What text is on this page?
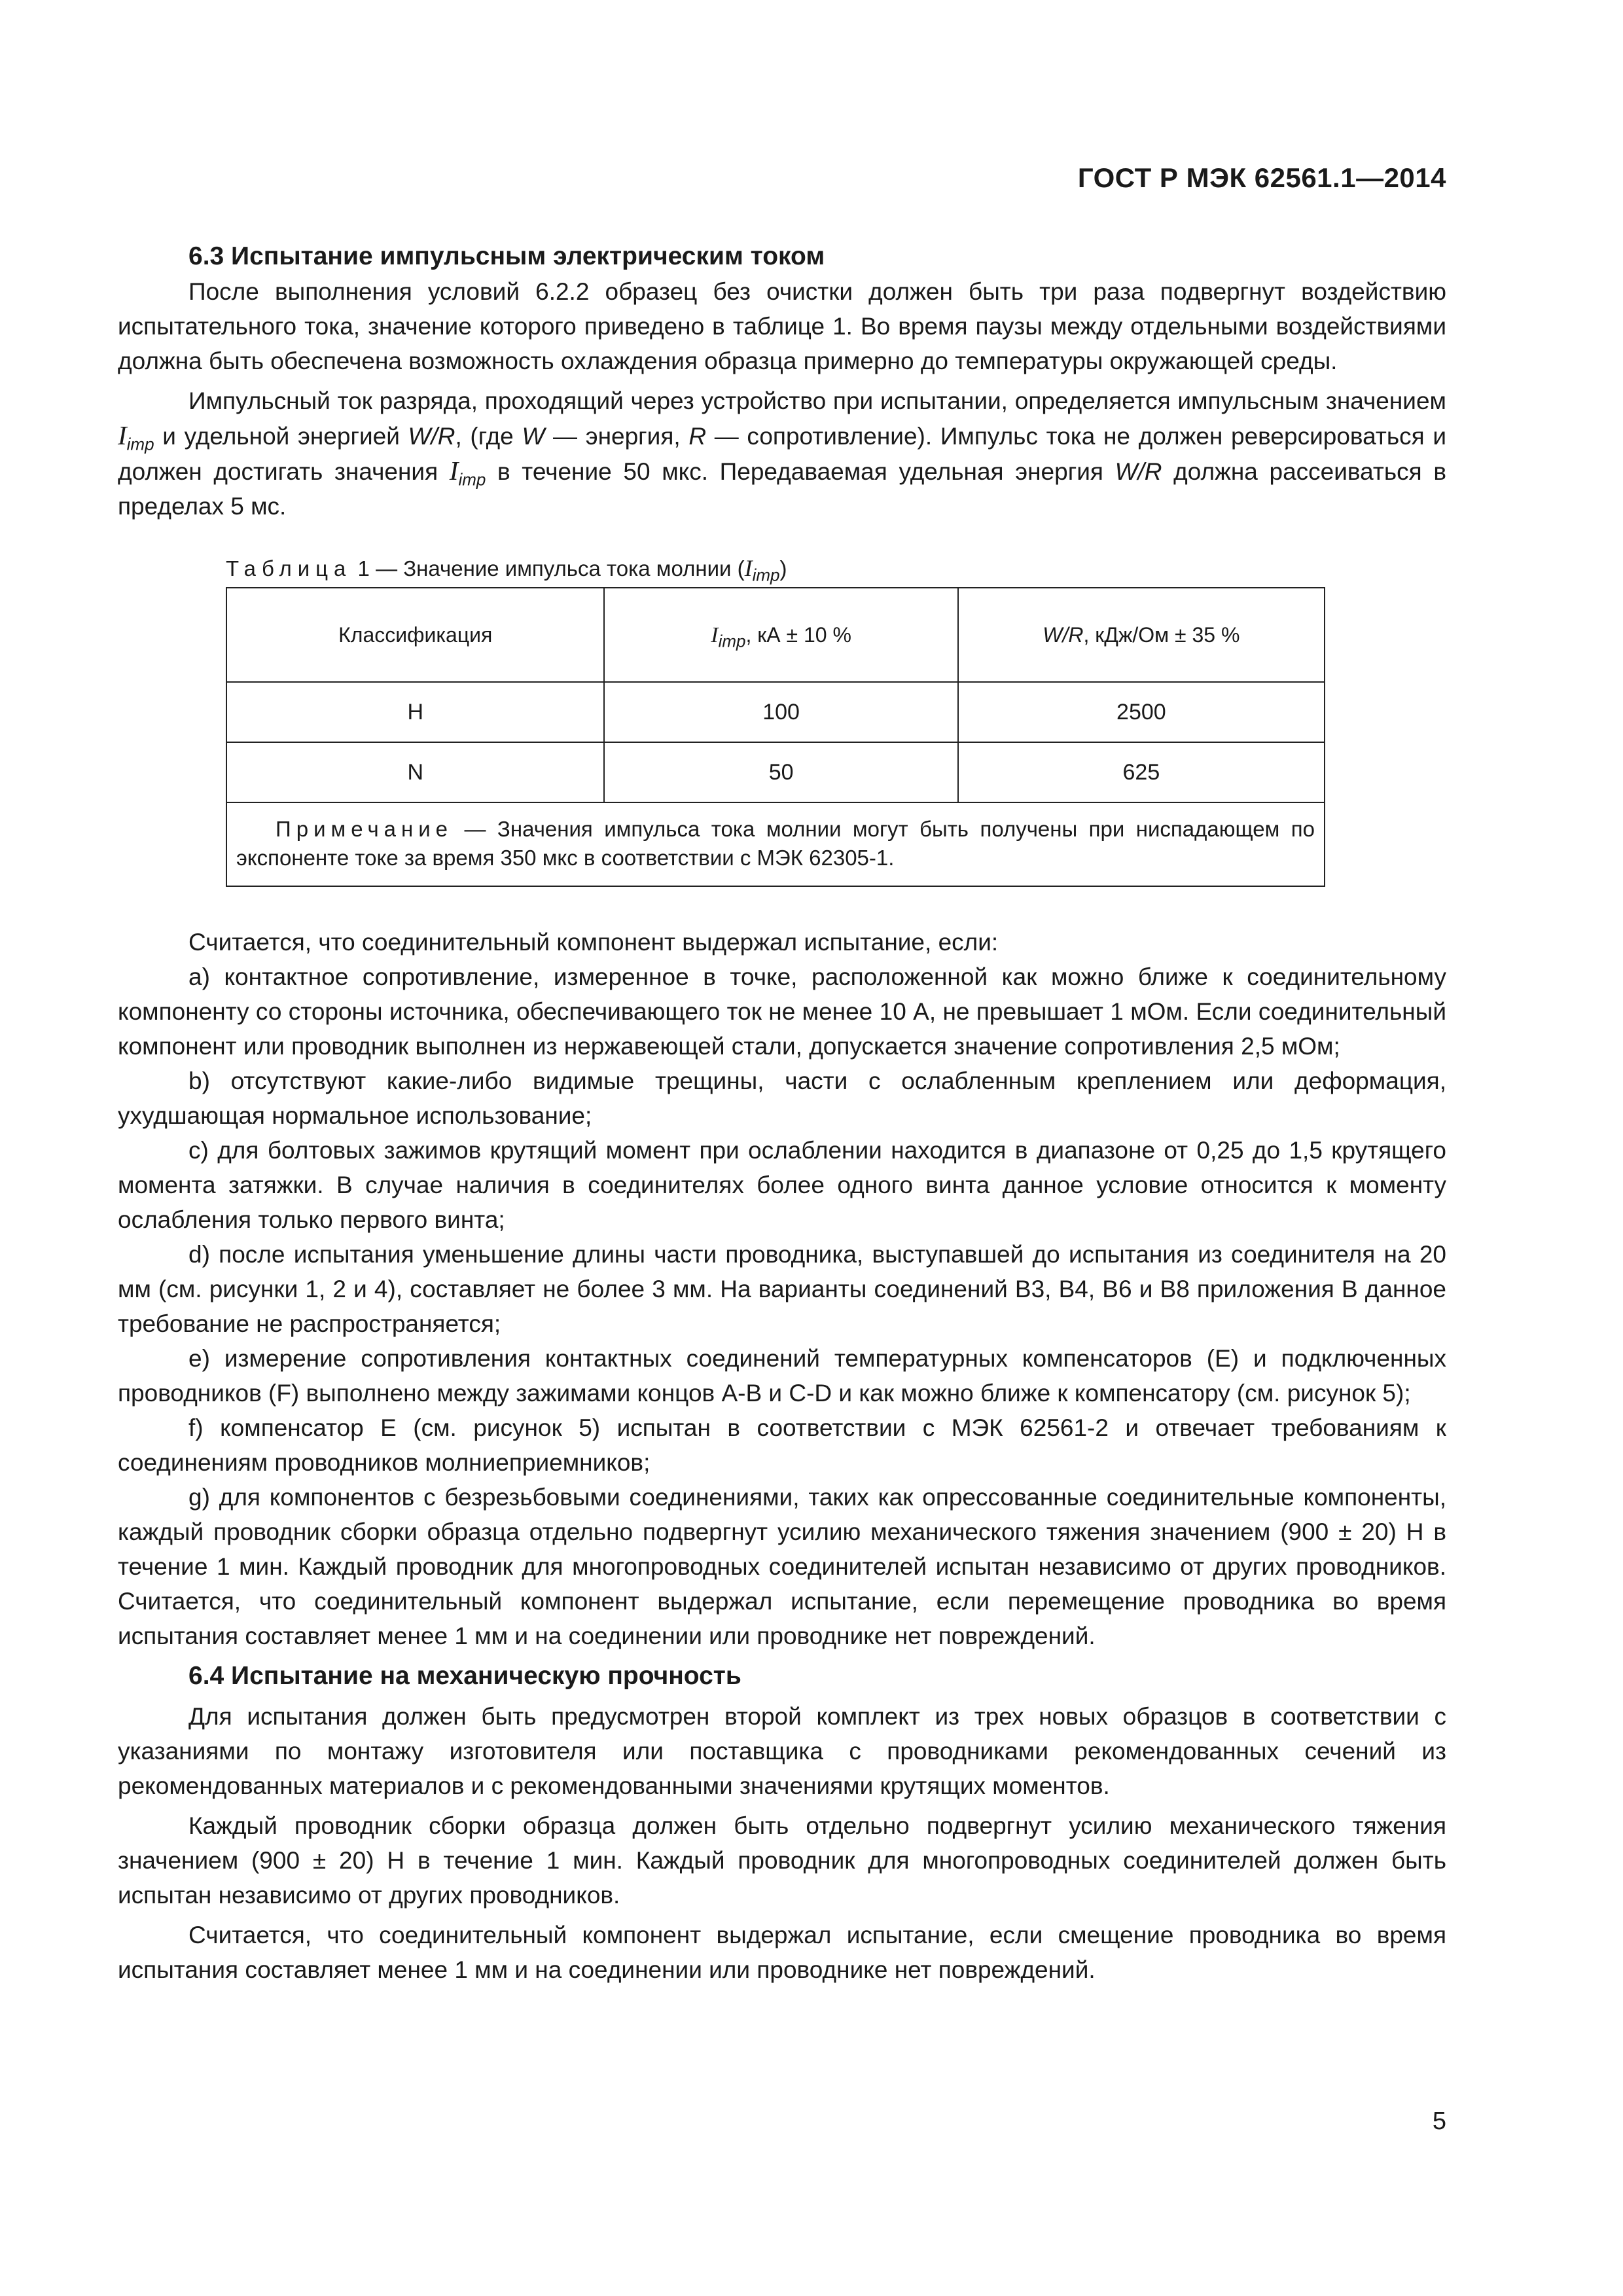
ГОСТ Р МЭК 62561.1—2014
6.3 Испытание импульсным электрическим током

После выполнения условий 6.2.2 образец без очистки должен быть три раза подвергнут воздействию испытательного тока, значение которого приведено в таблице 1. Во время паузы между отдельными воздействиями должна быть обеспечена возможность охлаждения образца примерно до температуры окружающей среды.

Импульсный ток разряда, проходящий через устройство при испытании, определяется импульсным значением $I_{imp}$ и удельной энергией W/R, (где W — энергия, R — сопротивление). Импульс тока не должен реверсироваться и должен достигать значения $I_{imp}$ в течение 50 мкс. Передаваемая удельная энергия W/R должна рассеиваться в пределах 5 мс.

Таблица 1 — Значение импульса тока молнии $(I_{imp})$
Классификация	$I_{imp}$, кА ± 10 %	W/R, кДж/Ом ± 35 %
H	100	2500
N	50	625
Примечание — Значения импульса тока молнии могут быть получены при ниспадающем по экспоненте токе за время 350 мкс в соответствии с МЭК 62305-1.		

Считается, что соединительный компонент выдержал испытание, если:

a) контактное сопротивление, измеренное в точке, расположенной как можно ближе к соединительному компоненту со стороны источника, обеспечивающего ток не менее 10 А, не превышает 1 мОм. Если соединительный компонент или проводник выполнен из нержавеющей стали, допускается значение сопротивления 2,5 мОм;

b) отсутствуют какие-либо видимые трещины, части с ослабленным креплением или деформация, ухудшающая нормальное использование;

c) для болтовых зажимов крутящий момент при ослаблении находится в диапазоне от 0,25 до 1,5 крутящего момента затяжки. В случае наличия в соединителях более одного винта данное условие относится к моменту ослабления только первого винта;

d) после испытания уменьшение длины части проводника, выступавшей до испытания из соединителя на 20 мм (см. рисунки 1, 2 и 4), составляет не более 3 мм. На варианты соединений B3, B4, B6 и B8 приложения B данное требование не распространяется;

e) измерение сопротивления контактных соединений температурных компенсаторов (E) и подключенных проводников (F) выполнено между зажимами концов A-B и C-D и как можно ближе к компенсатору (см. рисунок 5);

f) компенсатор E (см. рисунок 5) испытан в соответствии с МЭК 62561-2 и отвечает требованиям к соединениям проводников молниеприемников;

g) для компонентов с безрезьбовыми соединениями, таких как опрессованные соединительные компоненты, каждый проводник сборки образца отдельно подвергнут усилию механического тяжения значением (900 ± 20) Н в течение 1 мин. Каждый проводник для многопроводных соединителей испытан независимо от других проводников. Считается, что соединительный компонент выдержал испытание, если перемещение проводника во время испытания составляет менее 1 мм и на соединении или проводнике нет повреждений.

6.4 Испытание на механическую прочность

Для испытания должен быть предусмотрен второй комплект из трех новых образцов в соответствии с указаниями по монтажу изготовителя или поставщика с проводниками рекомендованных сечений из рекомендованных материалов и с рекомендованными значениями крутящих моментов.

Каждый проводник сборки образца должен быть отдельно подвергнут усилию механического тяжения значением (900 ± 20) Н в течение 1 мин. Каждый проводник для многопроводных соединителей должен быть испытан независимо от других проводников.

Считается, что соединительный компонент выдержал испытание, если смещение проводника во время испытания составляет менее 1 мм и на соединении или проводнике нет повреждений.

5
